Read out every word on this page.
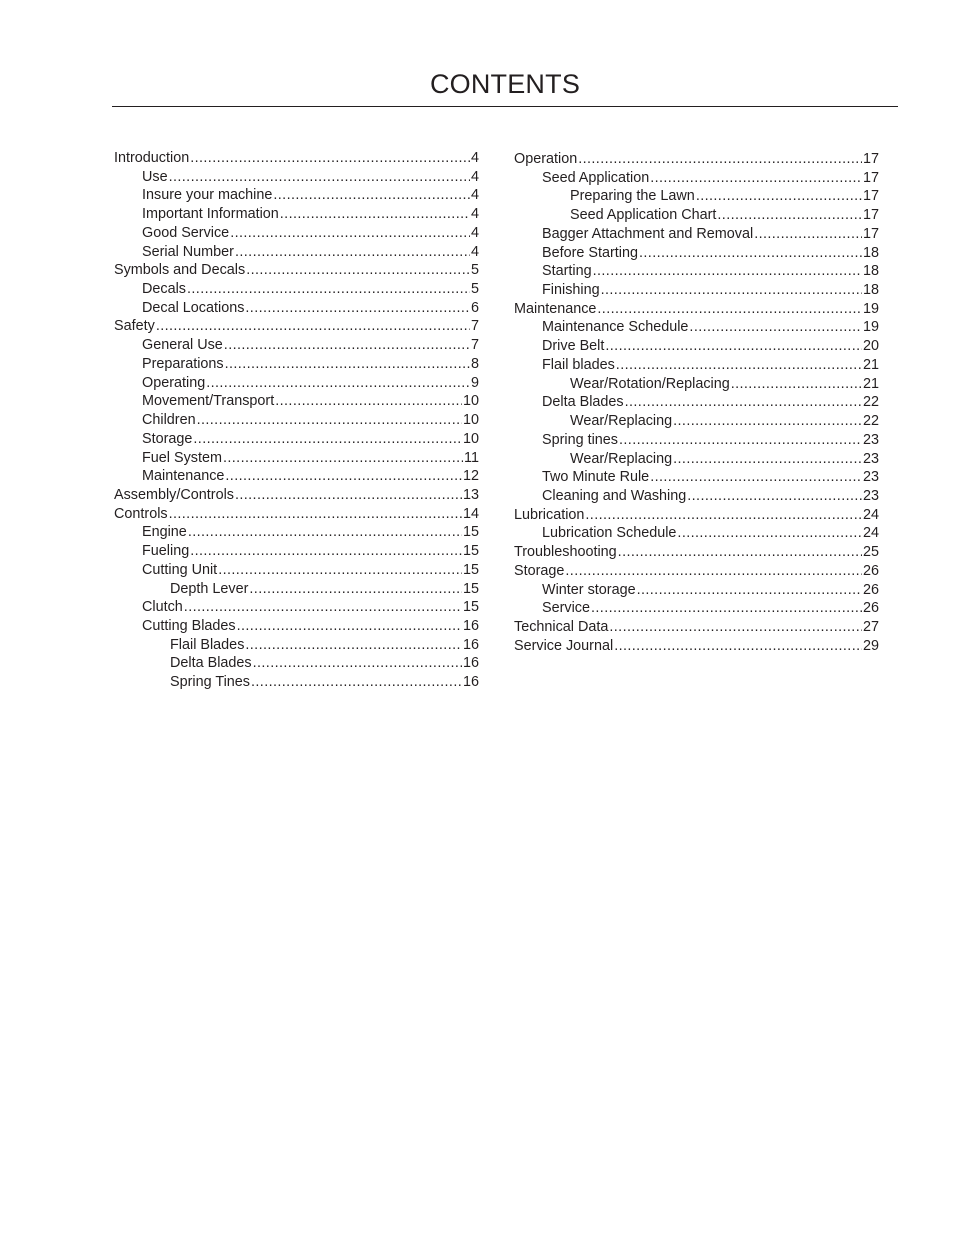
CONTENTS
Introduction .....	4
Use .....	4
Insure your machine .....	4
Important Information .....	4
Good Service .....	4
Serial Number .....	4
Symbols and Decals .....	5
Decals .....	5
Decal Locations .....	6
Safety .....	7
General Use .....	7
Preparations .....	8
Operating .....	9
Movement/Transport .....	10
Children .....	10
Storage .....	10
Fuel System .....	11
Maintenance .....	12
Assembly/Controls .....	13
Controls .....	14
Engine .....	15
Fueling .....	15
Cutting Unit .....	15
Depth Lever .....	15
Clutch .....	15
Cutting Blades .....	16
Flail Blades .....	16
Delta Blades .....	16
Spring Tines .....	16
Operation .....	17
Seed Application .....	17
Preparing the Lawn .....	17
Seed Application Chart .....	17
Bagger Attachment and Removal .....	17
Before Starting .....	18
Starting .....	18
Finishing .....	18
Maintenance .....	19
Maintenance Schedule .....	19
Drive Belt .....	20
Flail blades .....	21
Wear/Rotation/Replacing .....	21
Delta Blades .....	22
Wear/Replacing .....	22
Spring tines .....	23
Wear/Replacing .....	23
Two Minute Rule .....	23
Cleaning and Washing .....	23
Lubrication .....	24
Lubrication Schedule .....	24
Troubleshooting .....	25
Storage .....	26
Winter storage .....	26
Service .....	26
Technical Data .....	27
Service Journal .....	29
